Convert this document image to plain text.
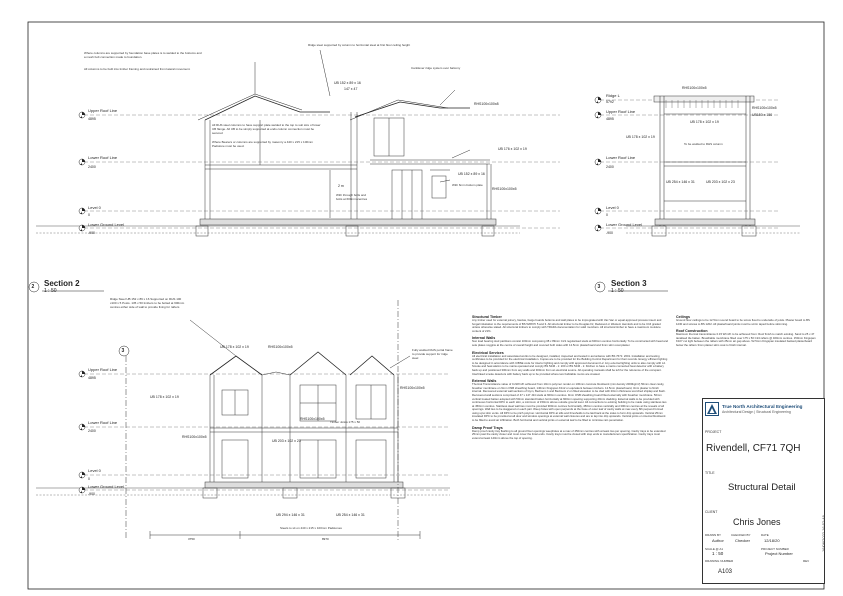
Upper Roof Line
4895
Lower Roof Line
2400
Level 0
0
Lower Ground Level
-900
Ridge L
5792
Upper Roof Line
4895
Lower Roof Line
2400
Level 0
0
Lower Ground Level
-900
Upper Roof Line
4895
Lower Roof Line
2400
Level 0
0
Lower Ground Level
-900
2 Section 2
1 : 50
3 Section 3
1 : 50
3
Where columns are supported by foundation base plates is to welded to the bottoms and a mesh bolt connection made to foundation.
All columns to be built into timber framing and restrained from lateral movement.
Ridge steel supported by column to horizontal steel at first floor ceiling height
Cantilever ridge system over balcony
All RHS steel columns to have support plate welded to the top to suit size of lower UB flange. All UB to be simply supported at ends column connection must be secured
Where Bearers or columns are supported by masonry a 440 x 215 x 100mm Padstone must be used.
With through bolts and bolts at 600mm centres
With 6mm bottom plate
To be welded to RHS column
Ridge Steel UB 152 x 89 x 16 Supported on RHS 100 x100 x 5 Posts. 135 x 50 timbers to be bolted at 600mm centres either side of wall to provide fixing for rafters
Fully welded RHS portal frame to provide support for ridge steel
Timber Joists 175 x 50
Steels to sit on 440 x 215 x 100mm Padstones
UB 152 x 89 x 16
147 x 47
RHS100x100x8
UB 176 x 102 x 19
UB 152 x 89 x 16
RHS100x100x5
2 m
RHS100x100x5
RHS100x100x5
UB150 x 150
UB 178 x 102 x 19
UB 178 x 102 x 19
UB 254 x 146 x 31	UB 203 x 102 x 23
RHS100x100x5
UB 178 x 102 x 19
UB 178 x 102 x 19
RHS100x100x5
UB 203 x 102 x 23
RHS100x100x5
UB 294 x 146 x 31	UB 254 x 146 x 31
RHS100x100x5
3750	8970
Structural Timber
Any timber used for external joinery, fascias, barge boards bottoms and wall plates to be impregnated with Vac Vac or equal approved process insect and fungal infestation to the requirements of BS 5268 Pt 5 and 3. All structural timber to be Douglas Fir, Redwood or Western Hemlock and to be C16 graded unless otherwise stated. All structural timbers to comply with TRADA documentation for solid members. All structural timber to have a maximum moisture content of 21%.
Internal Walls
Non load bearing stud partitions consist 100mm composing 38 x 89mm CLS regularised studs at 600mm centres horizontally. To be constructed with head and sole plates noggins at the centre of overall height and covered both sides with 12.5mm plasterboard and 3mm skim coat plaster.
Electrical Services
All electrical installation and associated works to be designed, installed, inspected and tested in accordance with BS 7671: 2001. Installation and testing certificates to be provided for the electrical installation. Copies are to be provided for the Building Control Department for their records. Energy efficient lighting to be designed in accordance with CIBSE code for interior lighting and comply with approved document L2. Any external lighting units to also comply with L2. Smoke and heat alarms to be mains operated and comply BS 5446 - 1: 200 or BS 5446 - 2. Kitchen to have a mains connected heat detector with a battery back up and positioned 300mm from any walls and 300mm from an electrical source. All operating manuals shall be left for the reference of the occupant. Interlinked smoke detectors with battery back up to be provided where two habitable rooms are created.
External Walls
Thermal Transmittance value of 0.2W/m²K achieved from 10mm polymer render on 100mm concrete blockwork (min density 2000kg/m³) 50mm clear cavity, breather membrane on 9mm OSB sheathing board, 140mm Kingspan K112 or equivalent between timbers. 12.5mm plasterboard, 3mm plaster to finish internal. Recovered external wall sections of Gym, Bedroom 1 and Bedroom 2 on fitted elevation to be clad with 20mm thickness scorched shiplap and flash. Recovered wall sections comprised of 47 x 147 J24 studs at 600mm centres. 9mm OSB sheathing board fitted externally with breather membrane. 50mm vertical treated batten adopted with 50mm standard batten horizontally at 600mm spacing supporting 20mm cladding. External walls to be provided with continuous horizontal DPC to each skin, a minimum of 150mm above outside ground level. All connections to existing building to be made using stainless ties at 450mm centres. Stainless steel wall ties must be provided 900mm centres horizontally, 450mm centres vertically and 300mm centres at the reveals of all openings. Wall ties to be staggered on each pair. Weep holes with open perpends at the base of outer leaf of cavity walls at max every 8th perpend formed using upvc slim vents. All DPC to be pitch polymer. Horizontal DPC at sills and thresholds to be laid back at the sides to form drip upstands. Vertical 25mm insulated DPC to be provided at all door and window openings at external wall closures and are to lap into drip upstands. Vertical joints on internal blockwork to be filled to avoid air infiltration. Both horizontal and vertical joints on external leaf to be filled to minimise rain penetration.
Damp Proof Trays
Damp proof cavity tray flashing to all ground floor openings weepholes at a max of 450mm centres with at least two per opening. Cavity trays to be extended 25mm past the cavity closer and must cover the lintel ends. Cavity trays must be closed with stop ends to manufacturers specification. Cavity trays must extend at least 140mm above the top of opening.
Ceilings
Ground floor ceilings to be 12.5mm sound board to be screw fixed to underside of joists. Plaster board to BS 1230 and screws to BS 1202. All plasterboard joints must be scrim taped before skimming.
Roof Construction
Maximum thermal transmittance 0.15 W/m²K to be achieved from: Roof finish to match existing. Sand to 25 x 47 tanalised tile batten. Breathable membrane fitted over 175 x 50 C24 rafters @ 400mm centres. 150mm Kingspan K107 cut tight between the rafters with 25mm air gap above. 52.5mm Kingspan insulated backed plasterboard below the rafters 3mm plaster skim coat to finish internal.
True North Architectural Engineering
Architectural Design | Structural Engineering
PROJECT
Rivendell, CF71 7QH
TITLE
Structural Detail
CLIENT
Chris Jones
DRAWN BY
Author
CHECKED BY
Checker
DATE
12/18/20
SCALE @ A1
1 : 50
PROJECT NUMBER
Project Number
DRAWING NUMBER
A103
REV
16/06/2022 16:52:48
